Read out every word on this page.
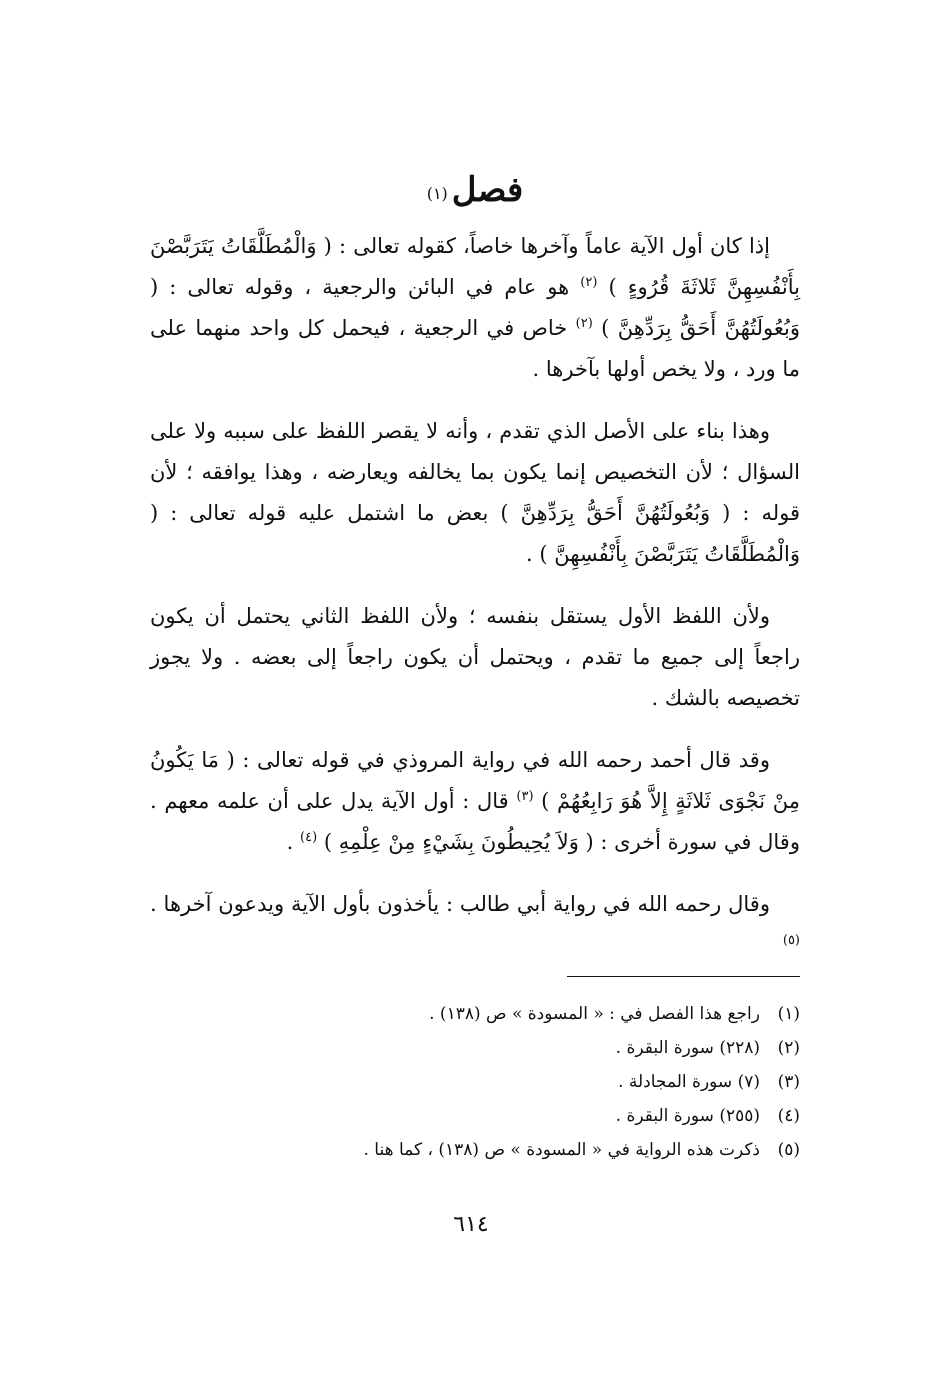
فصل$^{(١)}$

إذا كان أول الآية عاماً وآخرها خاصاً، كقوله تعالى : ( وَالْمُطَلَّقَاتُ يَتَرَبَّصْنَ بِأَنْفُسِهِنَّ ثَلاثَةَ قُرُوءٍ ) $^{(٢)}$ هو عام في البائن والرجعية ، وقوله تعالى : ( وَبُعُولَتُهُنَّ أَحَقُّ بِرَدِّهِنَّ ) $^{(٢)}$ خاص في الرجعية ، فيحمل كل واحد منهما على ما ورد ، ولا يخص أولها بآخرها .

وهذا بناء على الأصل الذي تقدم ، وأنه لا يقصر اللفظ على سببه ولا على السؤال ؛ لأن التخصيص إنما يكون بما يخالفه ويعارضه ، وهذا يوافقه ؛ لأن قوله : ( وَبُعُولَتُهُنَّ أَحَقُّ بِرَدِّهِنَّ ) بعض ما اشتمل عليه قوله تعالى : ( وَالْمُطَلَّقَاتُ يَتَرَبَّصْنَ بِأَنْفُسِهِنَّ ) .

ولأن اللفظ الأول يستقل بنفسه ؛ ولأن اللفظ الثاني يحتمل أن يكون راجعاً إلى جميع ما تقدم ، ويحتمل أن يكون راجعاً إلى بعضه . ولا يجوز تخصيصه بالشك .

وقد قال أحمد رحمه الله في رواية المروذي في قوله تعالى : ( مَا يَكُونُ مِنْ نَجْوَى ثَلاثَةٍ إِلاَّ هُوَ رَابِعُهُمْ ) $^{(٣)}$ قال : أول الآية يدل على أن علمه معهم . وقال في سورة أخرى : ( وَلاَ يُحِيطُونَ بِشَيْءٍ مِنْ عِلْمِهِ ) $^{(٤)}$ .

وقال رحمه الله في رواية أبي طالب : يأخذون بأول الآية ويدعون آخرها . $^{(٥)}$

(١)
راجع هذا الفصل في : « المسودة » ص (١٣٨) .
(٢)
(٢٢٨) سورة البقرة .
(٣)
(٧) سورة المجادلة .
(٤)
(٢٥٥) سورة البقرة .
(٥)
ذكرت هذه الرواية في « المسودة » ص (١٣٨) ، كما هنا .
٦١٤
